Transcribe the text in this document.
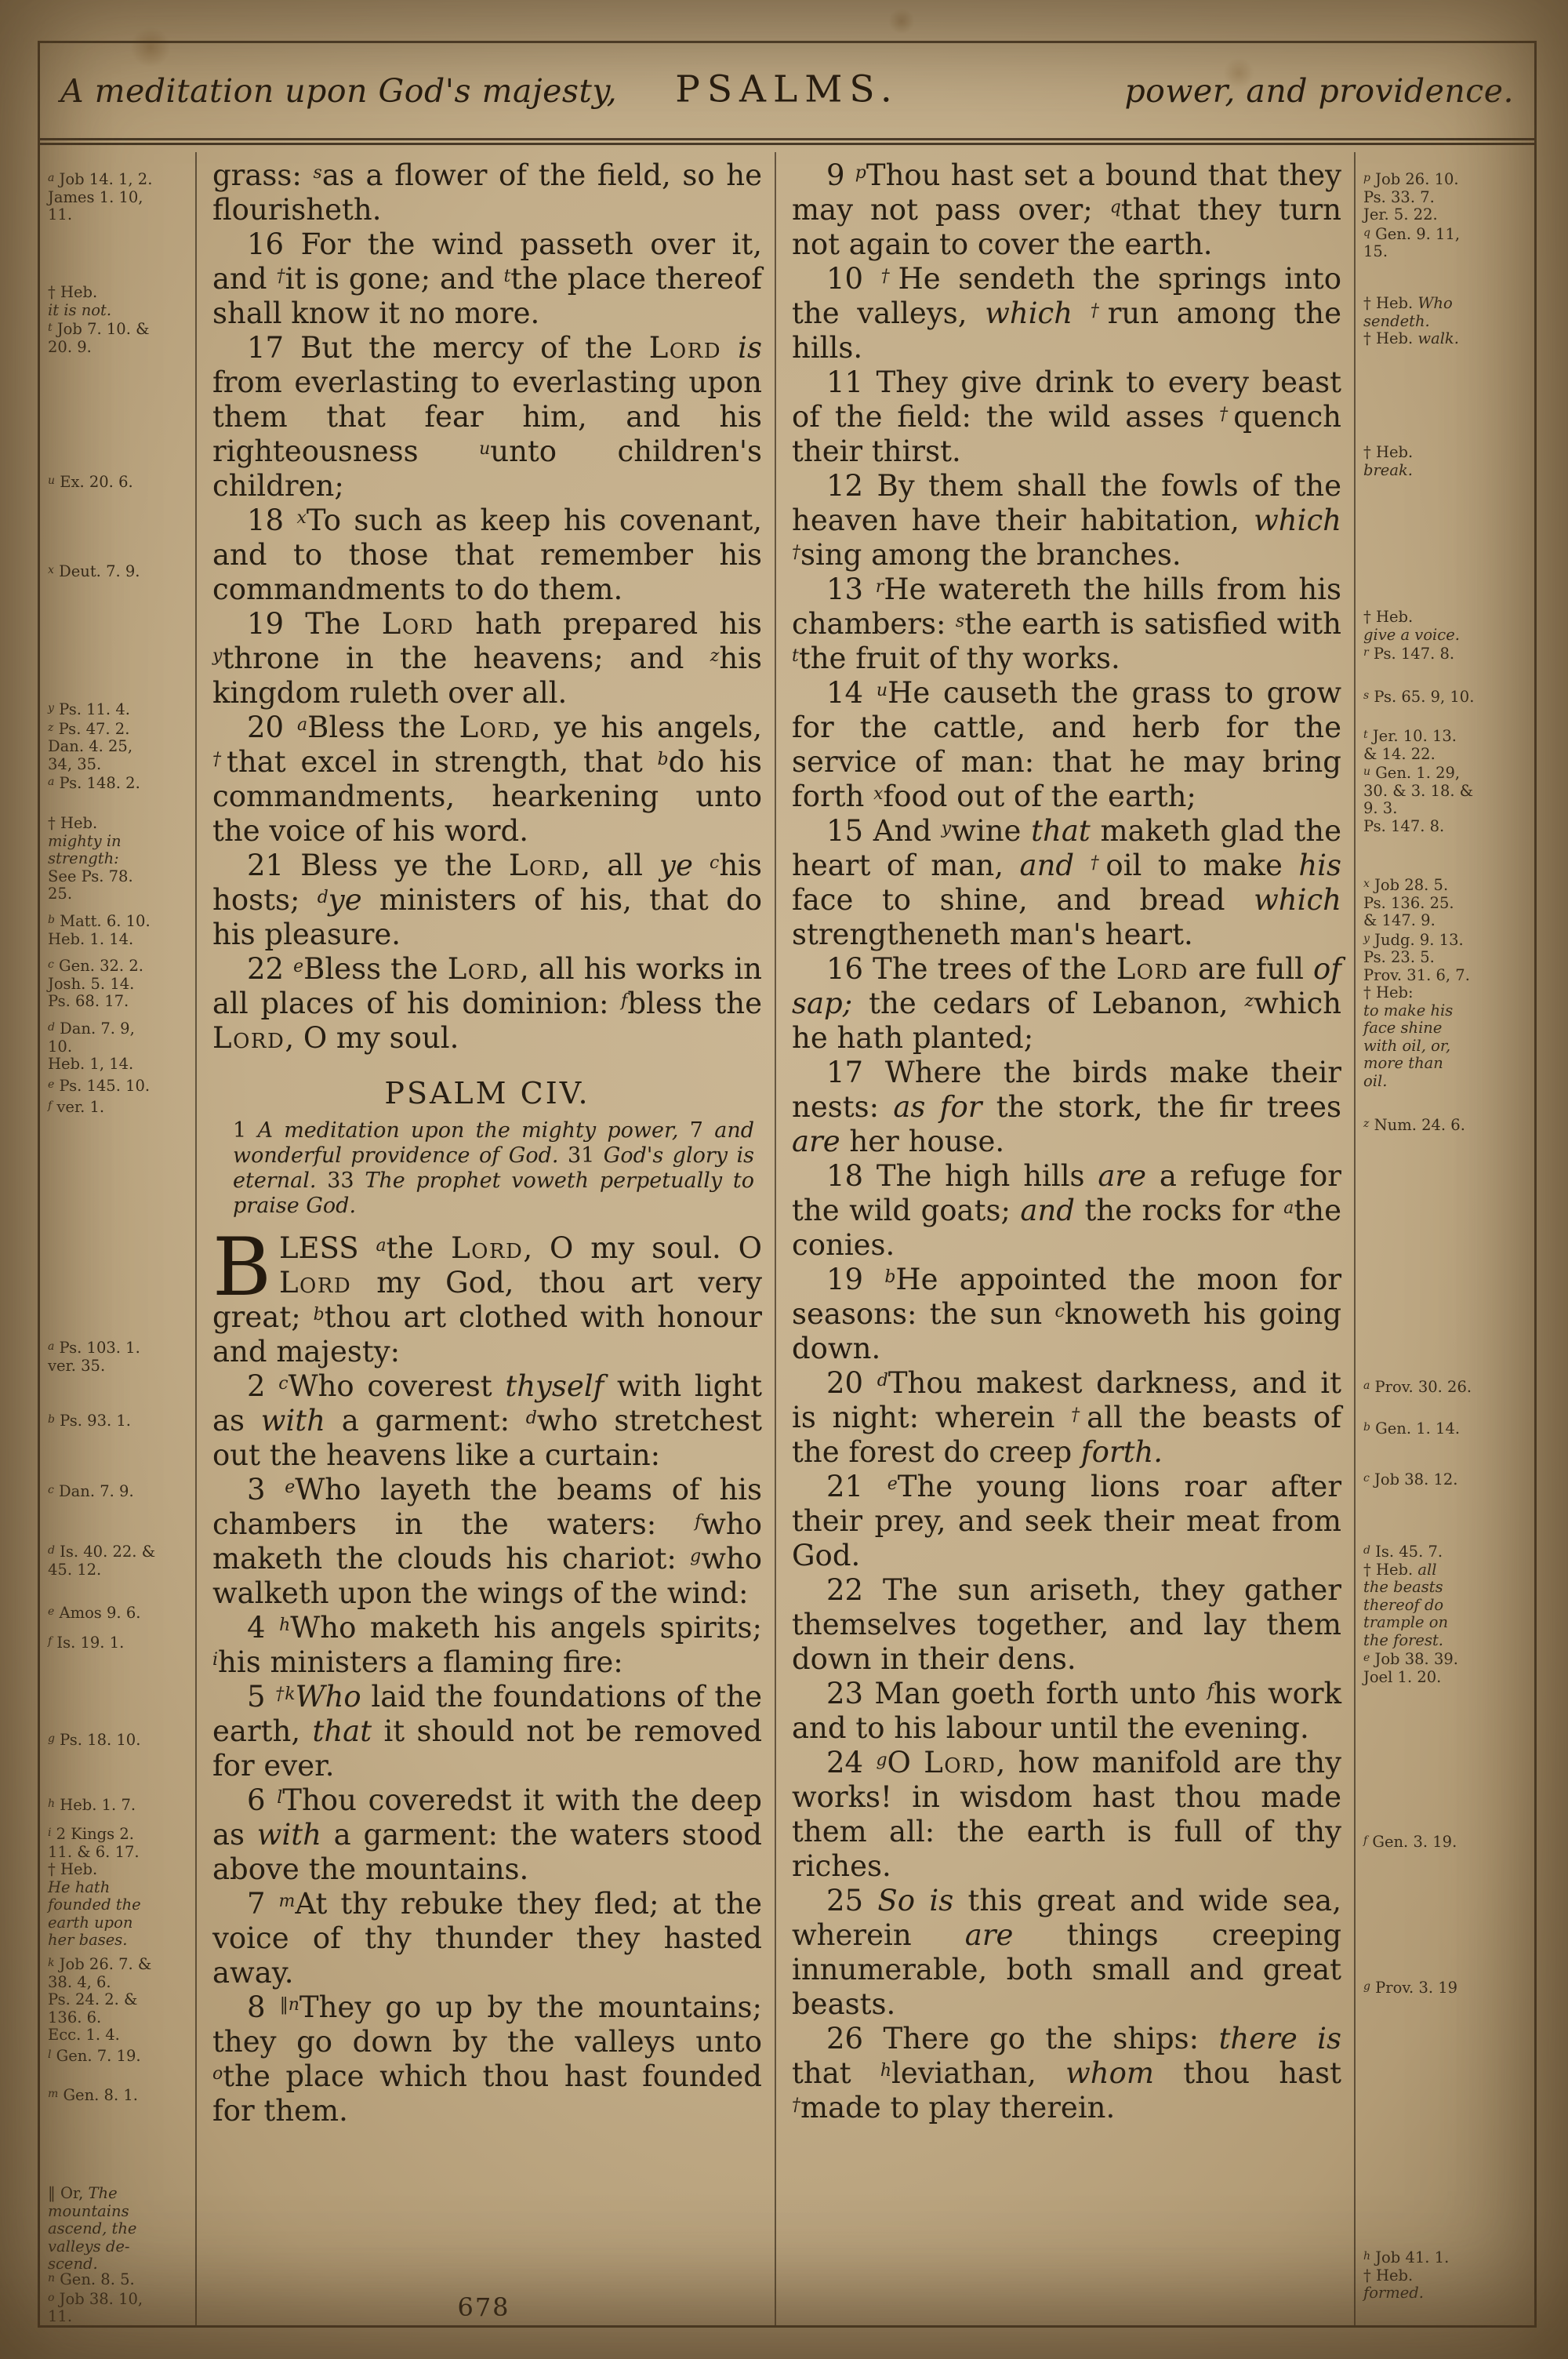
A meditation upon God's majesty, PSALMS.	power, and providence.
$^a$ Job 14. 1, 2.
James 1. 10,
11.
† Heb.
it is not.
$^t$ Job 7. 10. &
20. 9.
$^u$ Ex. 20. 6.
$^x$ Deut. 7. 9.
$^y$ Ps. 11. 4.
$^z$ Ps. 47. 2.
Dan. 4. 25,
34, 35.
$^a$ Ps. 148. 2.
† Heb.
mighty in
strength:
See Ps. 78.
25.
$^b$ Matt. 6. 10.
Heb. 1. 14.
$^c$ Gen. 32. 2.
Josh. 5. 14.
Ps. 68. 17.
$^d$ Dan. 7. 9,
10.
Heb. 1, 14.
$^e$ Ps. 145. 10.
$^f$ ver. 1.
$^a$ Ps. 103. 1.
ver. 35.
$^b$ Ps. 93. 1.
$^c$ Dan. 7. 9.
$^d$ Is. 40. 22. &
45. 12.
$^e$ Amos 9. 6.
$^f$ Is. 19. 1.
$^g$ Ps. 18. 10.
$^h$ Heb. 1. 7.
$^i$ 2 Kings 2.
11. & 6. 17.
† Heb.
He hath
founded the
earth upon
her bases.
$^k$ Job 26. 7. &
38. 4, 6.
Ps. 24. 2. &
136. 6.
Ecc. 1. 4.
$^l$ Gen. 7. 19.
$^m$ Gen. 8. 1.
‖ Or, The
mountains
ascend, the
valleys de-
scend.
$^n$ Gen. 8. 5.
$^o$ Job 38. 10,
11.

grass: $^s$as a flower of the field, so he flourisheth.

16 For the wind passeth over it, and †it is gone; and $^t$the place thereof shall know it no more.

17 But the mercy of the Lord is from everlasting to everlasting upon them that fear him, and his righteousness $^u$unto children's children;

18 $^x$To such as keep his covenant, and to those that remember his commandments to do them.

19 The Lord hath prepared his $^y$throne in the heavens; and $^z$his kingdom ruleth over all.

20 $^a$Bless the Lord, ye his angels, †that excel in strength, that $^b$do his commandments, hearkening unto the voice of his word.

21 Bless ye the Lord, all ye $^c$his hosts; $^d$ye ministers of his, that do his pleasure.

22 $^e$Bless the Lord, all his works in all places of his dominion: $^f$bless the Lord, O my soul.

PSALM CIV.
1 A meditation upon the mighty power, 7 and wonderful providence of God. 31 God's glory is eternal. 33 The prophet voweth perpetually to praise God.

BLESS $^a$the Lord, O my soul. O Lord my God, thou art very great; $^b$thou art clothed with honour and majesty:

2 $^c$Who coverest thyself with light as with a garment: $^d$who stretchest out the heavens like a curtain:

3 $^e$Who layeth the beams of his chambers in the waters: $^f$who maketh the clouds his chariot: $^g$who walketh upon the wings of the wind:

4 $^h$Who maketh his angels spirits; $^i$his ministers a flaming fire:

5 $^{\dagger k}$Who laid the foundations of the earth, that it should not be removed for ever.

6 $^l$Thou coveredst it with the deep as with a garment: the waters stood above the mountains.

7 $^m$At thy rebuke they fled; at the voice of thy thunder they hasted away.

8 $^{‖n}$They go up by the mountains; they go down by the valleys unto $^o$the place which thou hast founded for them.

9 $^p$Thou hast set a bound that they may not pass over; $^q$that they turn not again to cover the earth.

10 †He sendeth the springs into the valleys, which †run among the hills.

11 They give drink to every beast of the field: the wild asses †quench their thirst.

12 By them shall the fowls of the heaven have their habitation, which †sing among the branches.

13 $^r$He watereth the hills from his chambers: $^s$the earth is satisfied with $^t$the fruit of thy works.

14 $^u$He causeth the grass to grow for the cattle, and herb for the service of man: that he may bring forth $^x$food out of the earth;

15 And $^y$wine that maketh glad the heart of man, and †oil to make his face to shine, and bread which strengtheneth man's heart.

16 The trees of the Lord are full of sap; the cedars of Lebanon, $^z$which he hath planted;

17 Where the birds make their nests: as for the stork, the fir trees are her house.

18 The high hills are a refuge for the wild goats; and the rocks for $^a$the conies.

19 $^b$He appointed the moon for seasons: the sun $^c$knoweth his going down.

20 $^d$Thou makest darkness, and it is night: wherein †all the beasts of the forest do creep forth.

21 $^e$The young lions roar after their prey, and seek their meat from God.

22 The sun ariseth, they gather themselves together, and lay them down in their dens.

23 Man goeth forth unto $^f$his work and to his labour until the evening.

24 $^g$O Lord, how manifold are thy works! in wisdom hast thou made them all: the earth is full of thy riches.

25 So is this great and wide sea, wherein are things creeping innumerable, both small and great beasts.

26 There go the ships: there is that $^h$leviathan, whom thou hast †made to play therein.

$^p$ Job 26. 10.
Ps. 33. 7.
Jer. 5. 22.
$^q$ Gen. 9. 11,
15.
† Heb. Who
sendeth.
† Heb. walk.
† Heb.
break.
† Heb.
give a voice.
$^r$ Ps. 147. 8.
$^s$ Ps. 65. 9, 10.
$^t$ Jer. 10. 13.
& 14. 22.
$^u$ Gen. 1. 29,
30. & 3. 18. &
9. 3.
Ps. 147. 8.
$^x$ Job 28. 5.
Ps. 136. 25.
& 147. 9.
$^y$ Judg. 9. 13.
Ps. 23. 5.
Prov. 31. 6, 7.
† Heb:
to make his
face shine
with oil, or,
more than
oil.
$^z$ Num. 24. 6.
$^a$ Prov. 30. 26.
$^b$ Gen. 1. 14.
$^c$ Job 38. 12.
$^d$ Is. 45. 7.
† Heb. all
the beasts
thereof do
trample on
the forest.
$^e$ Job 38. 39.
Joel 1. 20.
$^f$ Gen. 3. 19.
$^g$ Prov. 3. 19
$^h$ Job 41. 1.
† Heb.
formed.
678
